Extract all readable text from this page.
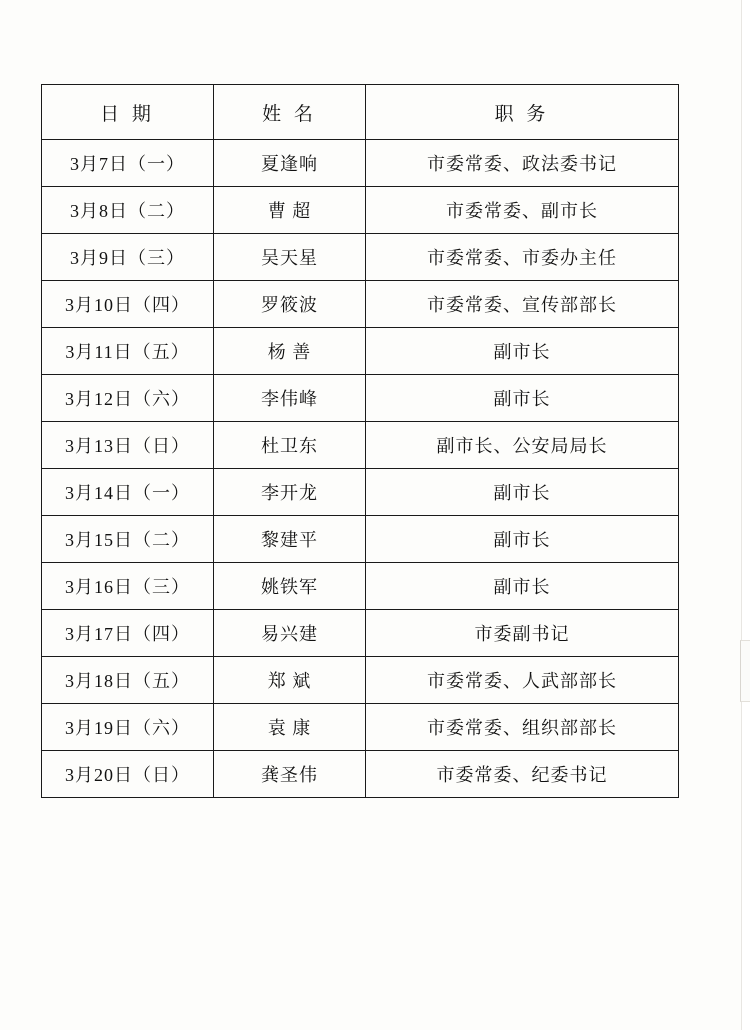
日 期	姓 名	职 务
3月7日（一）	夏逢响	市委常委、政法委书记
3月8日（二）	曹 超	市委常委、副市长
3月9日（三）	吴天星	市委常委、市委办主任
3月10日（四）	罗筱波	市委常委、宣传部部长
3月11日（五）	杨 善	副市长
3月12日（六）	李伟峰	副市长
3月13日（日）	杜卫东	副市长、公安局局长
3月14日（一）	李开龙	副市长
3月15日（二）	黎建平	副市长
3月16日（三）	姚铁军	副市长
3月17日（四）	易兴建	市委副书记
3月18日（五）	郑 斌	市委常委、人武部部长
3月19日（六）	袁 康	市委常委、组织部部长
3月20日（日）	龚圣伟	市委常委、纪委书记
